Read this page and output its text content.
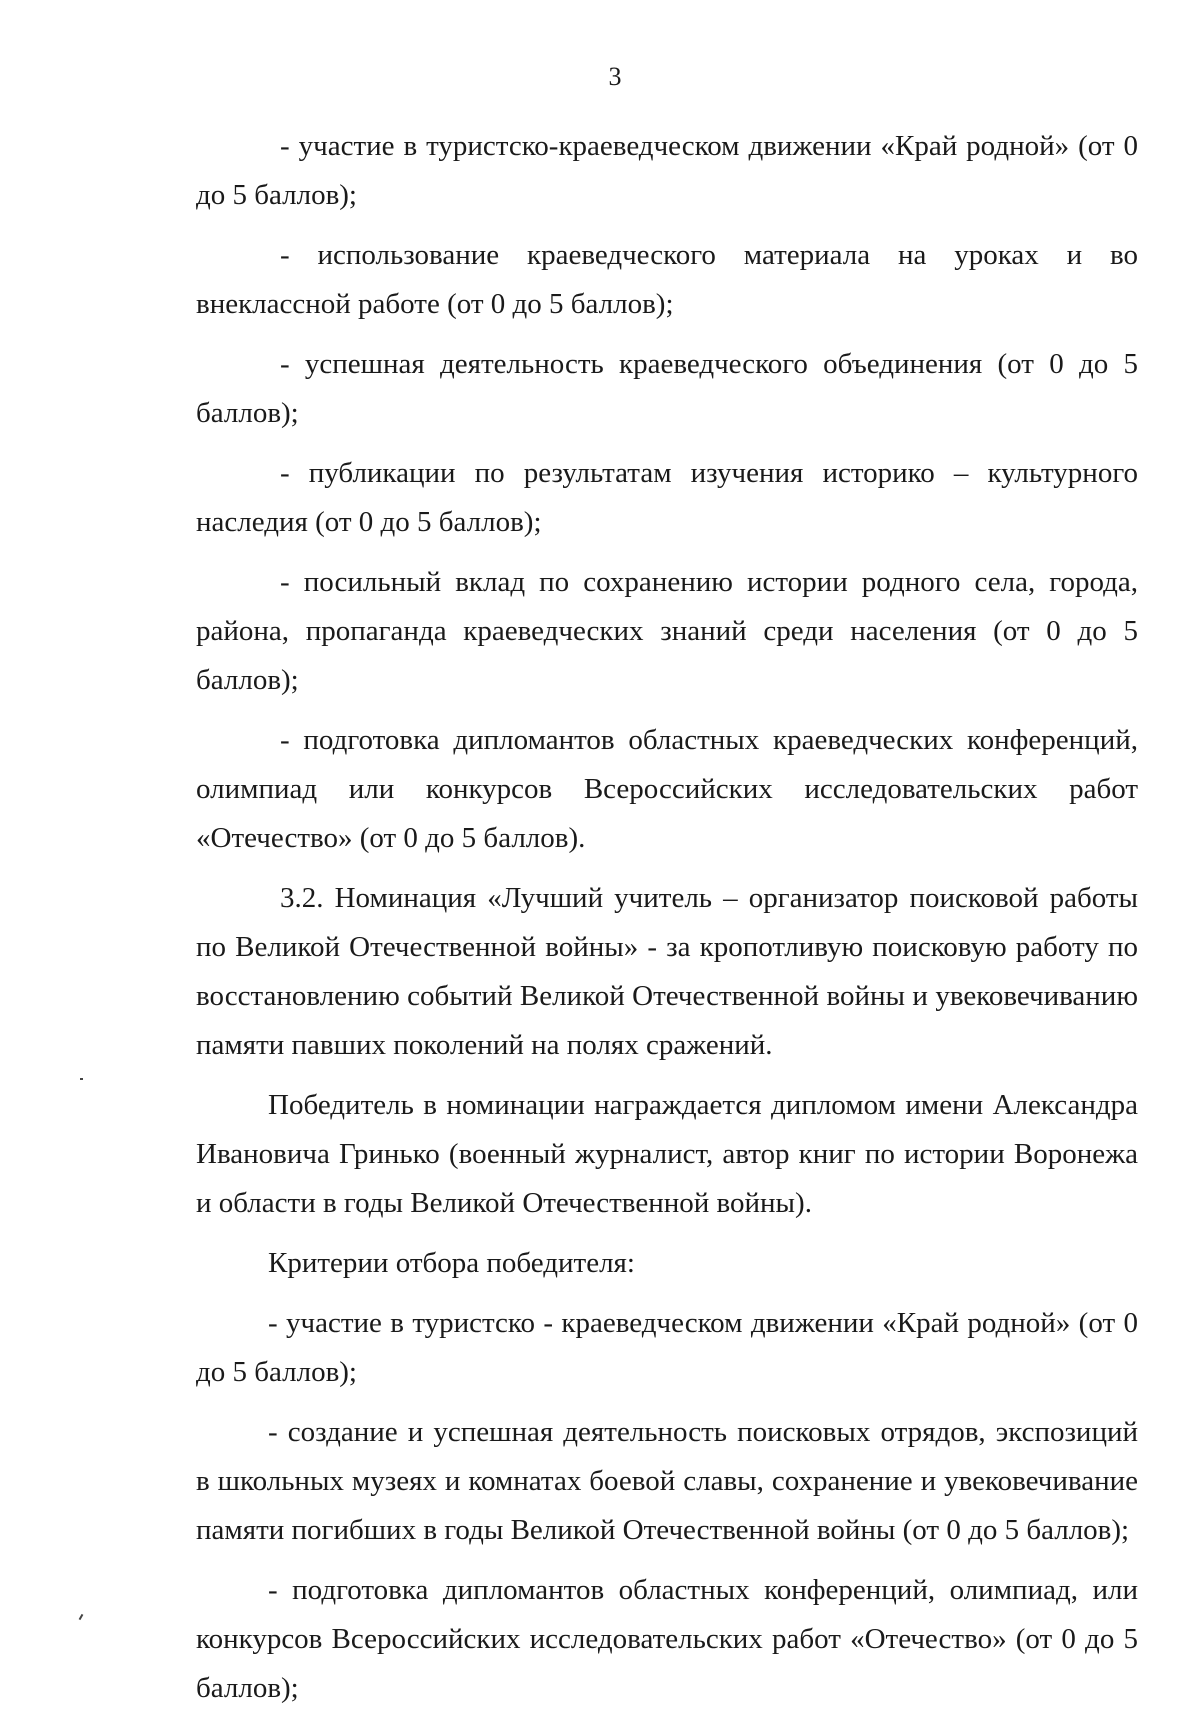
3

- участие в туристско-краеведческом движении «Край родной» (от 0 до 5 баллов);

- использование краеведческого материала на уроках и во внеклассной работе (от 0 до 5 баллов);

- успешная деятельность краеведческого объединения (от 0 до 5 баллов);

- публикации по результатам изучения историко – культурного наследия (от 0 до 5 баллов);

- посильный вклад по сохранению истории родного села, города, района, пропаганда краеведческих знаний среди населения (от 0 до 5 баллов);

- подготовка дипломантов областных краеведческих конференций, олимпиад или конкурсов Всероссийских исследовательских работ «Отечество» (от 0 до 5 баллов).

3.2. Номинация «Лучший учитель – организатор поисковой работы по Великой Отечественной войны» - за кропотливую поисковую работу по восстановлению событий Великой Отечественной войны и увековечиванию памяти павших поколений на полях сражений.

Победитель в номинации награждается дипломом имени Александра Ивановича Гринько (военный журналист, автор книг по истории Воронежа и области в годы Великой Отечественной войны).

Критерии отбора победителя:

- участие в туристско - краеведческом движении «Край родной» (от 0 до 5 баллов);

- создание и успешная деятельность поисковых отрядов, экспозиций в школьных музеях и комнатах боевой славы, сохранение и увековечивание памяти погибших в годы Великой Отечественной войны (от 0 до 5 баллов);

- подготовка дипломантов областных конференций, олимпиад, или конкурсов Всероссийских исследовательских работ «Отечество» (от 0 до 5 баллов);
